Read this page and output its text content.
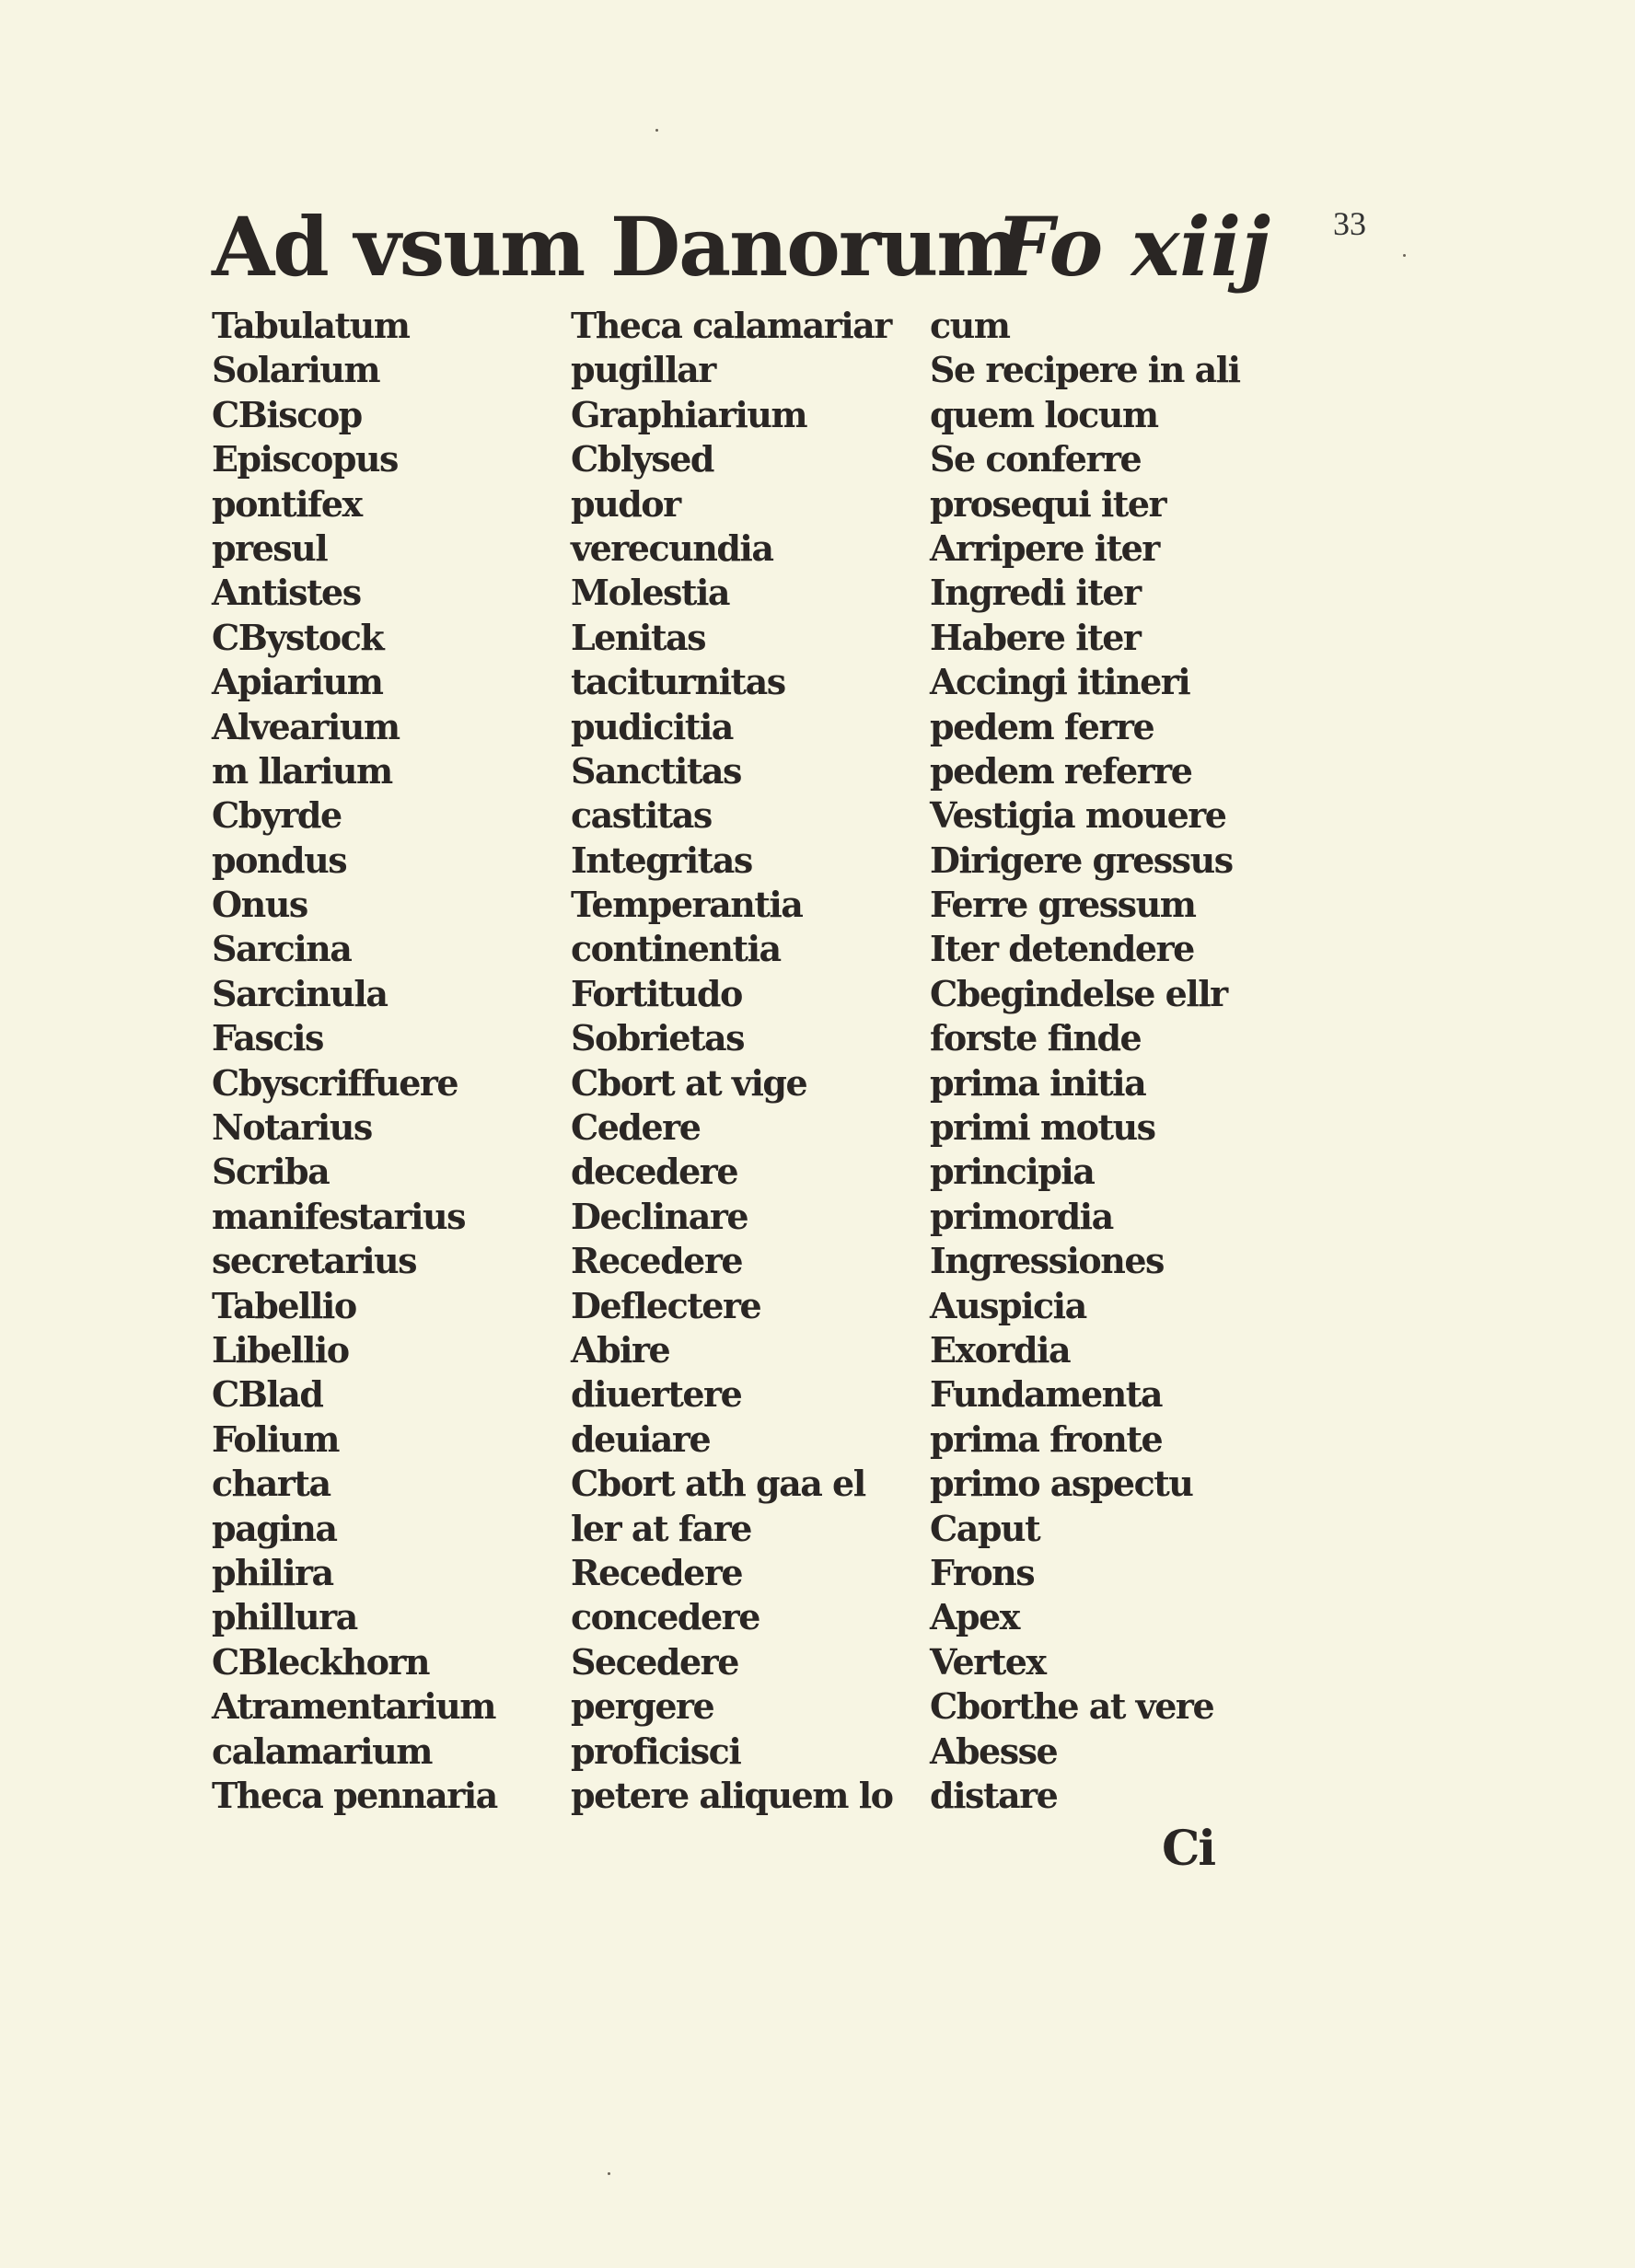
Ad vsum Danorum
Fo xiij 33
Tabulatum
Solarium
CBiscop
Episcopus
pontifex
presul
Antistes
CBystock
Apiarium
Alvearium
m llarium
Cbyrde
pondus
Onus
Sarcina
Sarcinula
Fascis
Cbyscriffuere
Notarius
Scriba
manifestarius
secretarius
Tabellio
Libellio
CBlad
Folium
charta
pagina
philira
phillura
CBleckhorn
Atramentarium
calamarium
Theca pennaria
Theca calamariar
pugillar
Graphiarium
Cblysed
pudor
verecundia
Molestia
Lenitas
taciturnitas
pudicitia
Sanctitas
castitas
Integritas
Temperantia
continentia
Fortitudo
Sobrietas
Cbort at vige
Cedere
decedere
Declinare
Recedere
Deflectere
Abire
diuertere
deuiare
Cbort ath gaa el
ler at fare
Recedere
concedere
Secedere
pergere
proficisci
petere aliquem lo
cum
Se recipere in ali
quem locum
Se conferre
prosequi iter
Arripere iter
Ingredi iter
Habere iter
Accingi itineri
pedem ferre
pedem referre
Vestigia mouere
Dirigere gressus
Ferre gressum
Iter detendere
Cbegindelse ellr
forste finde
prima initia
primi motus
principia
primordia
Ingressiones
Auspicia
Exordia
Fundamenta
prima fronte
primo aspectu
Caput
Frons
Apex
Vertex
Cborthe at vere
Abesse
distare
Ci
